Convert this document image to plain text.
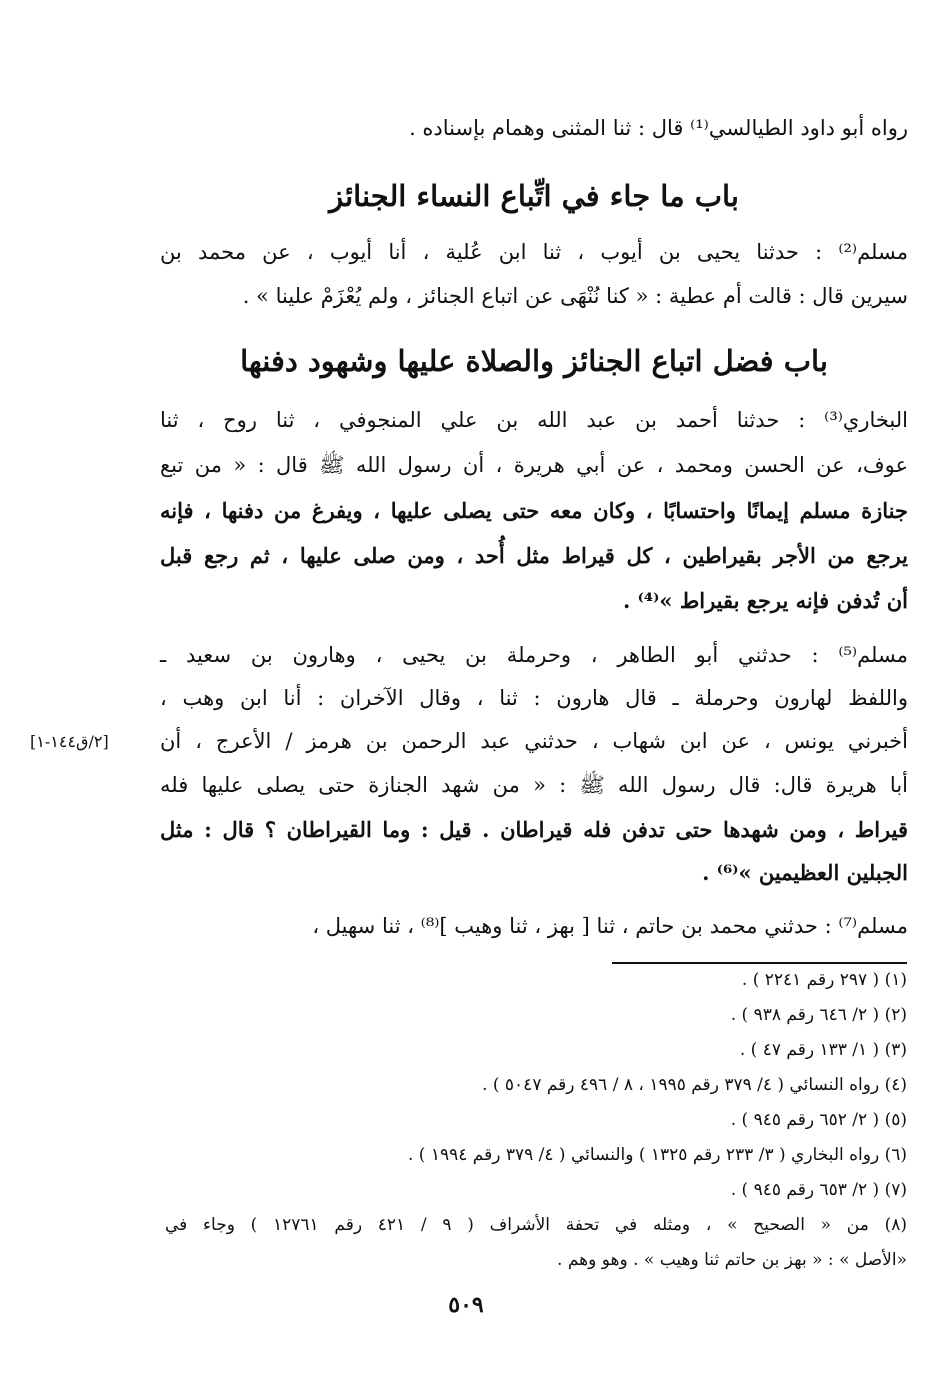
رواه أبو داود الطيالسي⁽¹⁾ قال : ثنا المثنى وهمام بإسناده .
باب ما جاء في اتِّباع النساء الجنائز
مسلم⁽²⁾ : حدثنا يحيى بن أيوب ، ثنا ابن عُلية ، أنا أيوب ، عن محمد بن
سيرين قال : قالت أم عطية : « كنا نُنْهَى عن اتباع الجنائز ، ولم يُعْزَمْ علينا » .
باب فضل اتباع الجنائز والصلاة عليها وشهود دفنها
البخاري⁽³⁾ : حدثنا أحمد بن عبد الله بن علي المنجوفي ، ثنا روح ، ثنا
عوف، عن الحسن ومحمد ، عن أبي هريرة ، أن رسول الله ﷺ قال : « من تبع
جنازة مسلم إيمانًا واحتسابًا ، وكان معه حتى يصلى عليها ، ويفرغ من دفنها ، فإنه
يرجع من الأجر بقيراطين ، كل قيراط مثل أُحد ، ومن صلى عليها ، ثم رجع قبل
أن تُدفن فإنه يرجع بقيراط »⁽⁴⁾ .
مسلم⁽⁵⁾ : حدثني أبو الطاهر ، وحرملة بن يحيى ، وهارون بن سعيد ـ
واللفظ لهارون وحرملة ـ قال هارون : ثنا ، وقال الآخران : أنا ابن وهب ،
أخبرني يونس ، عن ابن شهاب ، حدثني عبد الرحمن بن هرمز / الأعرج ، أن
أبا هريرة قال: قال رسول الله ﷺ : « من شهد الجنازة حتى يصلى عليها فله
قيراط ، ومن شهدها حتى تدفن فله قيراطان . قيل : وما القيراطان ؟ قال : مثل
الجبلين العظيمين »⁽⁶⁾ .
مسلم⁽⁷⁾ : حدثني محمد بن حاتم ، ثنا [ بهز ، ثنا وهيب ]⁽⁸⁾ ، ثنا سهيل ،
[٢/ق١٤٤-١]
(١) ( ٢٩٧ رقم ٢٢٤١ ) .
(٢) ( ٢/ ٦٤٦ رقم ٩٣٨ ) .
(٣) ( ١/ ١٣٣ رقم ٤٧ ) .
(٤) رواه النسائي ( ٤/ ٣٧٩ رقم ١٩٩٥ ، ٨ / ٤٩٦ رقم ٥٠٤٧ ) .
(٥) ( ٢/ ٦٥٢ رقم ٩٤٥ ) .
(٦) رواه البخاري ( ٣/ ٢٣٣ رقم ١٣٢٥ ) والنسائي ( ٤/ ٣٧٩ رقم ١٩٩٤ ) .
(٧) ( ٢/ ٦٥٣ رقم ٩٤٥ ) .
(٨) من « الصحيح » ، ومثله في تحفة الأشراف ( ٩ / ٤٢١ رقم ١٢٧٦١ ) وجاء في
«الأصل » : « بهز بن حاتم ثنا وهيب » . وهو وهم .
٥٠٩
